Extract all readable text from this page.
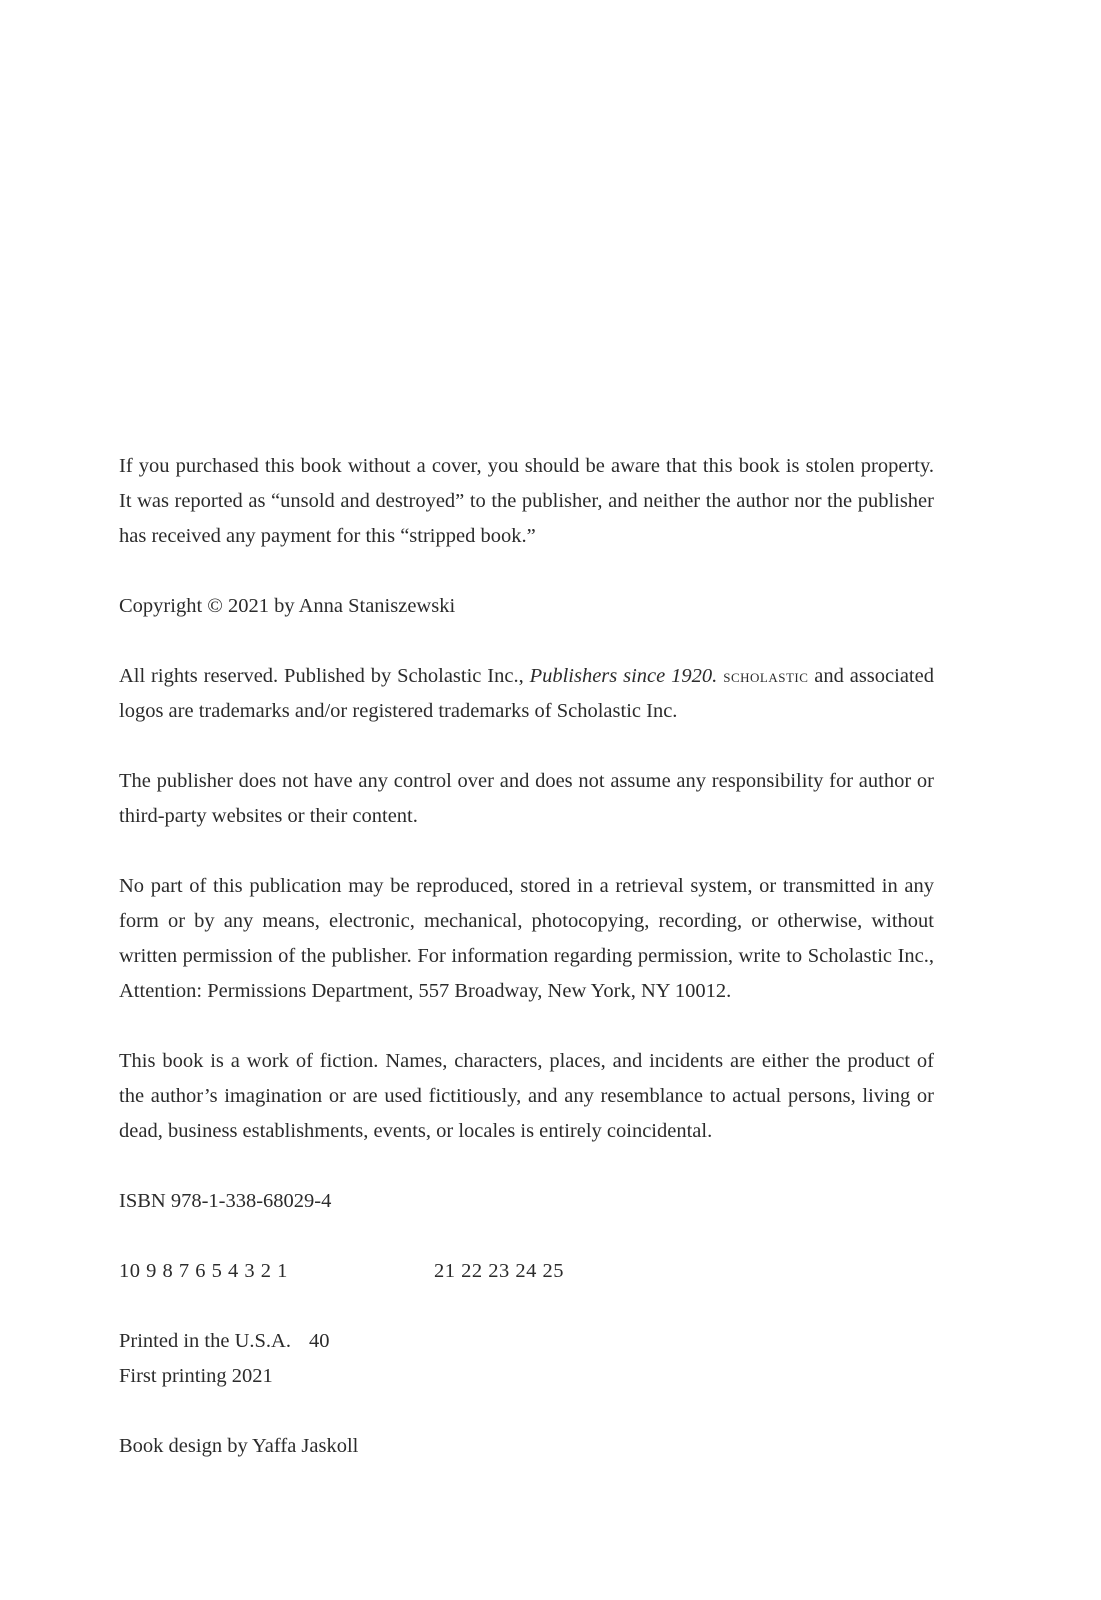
If you purchased this book without a cover, you should be aware that this book is stolen property. It was reported as “unsold and destroyed” to the publisher, and neither the author nor the publisher has received any payment for this “stripped book.”

Copyright © 2021 by Anna Staniszewski

All rights reserved. Published by Scholastic Inc., Publishers since 1920. scholastic and associated logos are trademarks and/or registered trademarks of Scholastic Inc.

The publisher does not have any control over and does not assume any responsibility for author or third-party websites or their content.

No part of this publication may be reproduced, stored in a retrieval system, or transmitted in any form or by any means, electronic, mechanical, photocopying, recording, or otherwise, without written permission of the publisher. For information regarding permission, write to Scholastic Inc., Attention: Permissions Department, 557 Broadway, New York, NY 10012.

This book is a work of fiction. Names, characters, places, and incidents are either the product of the author’s imagination or are used fictitiously, and any resemblance to actual persons, living or dead, business establishments, events, or locales is entirely coincidental.

ISBN 978-1-338-68029-4

10 9 8 7 6 5 4 3 2 1	21 22 23 24 25
Printed in the U.S.A. 40

First printing 2021

Book design by Yaffa Jaskoll
